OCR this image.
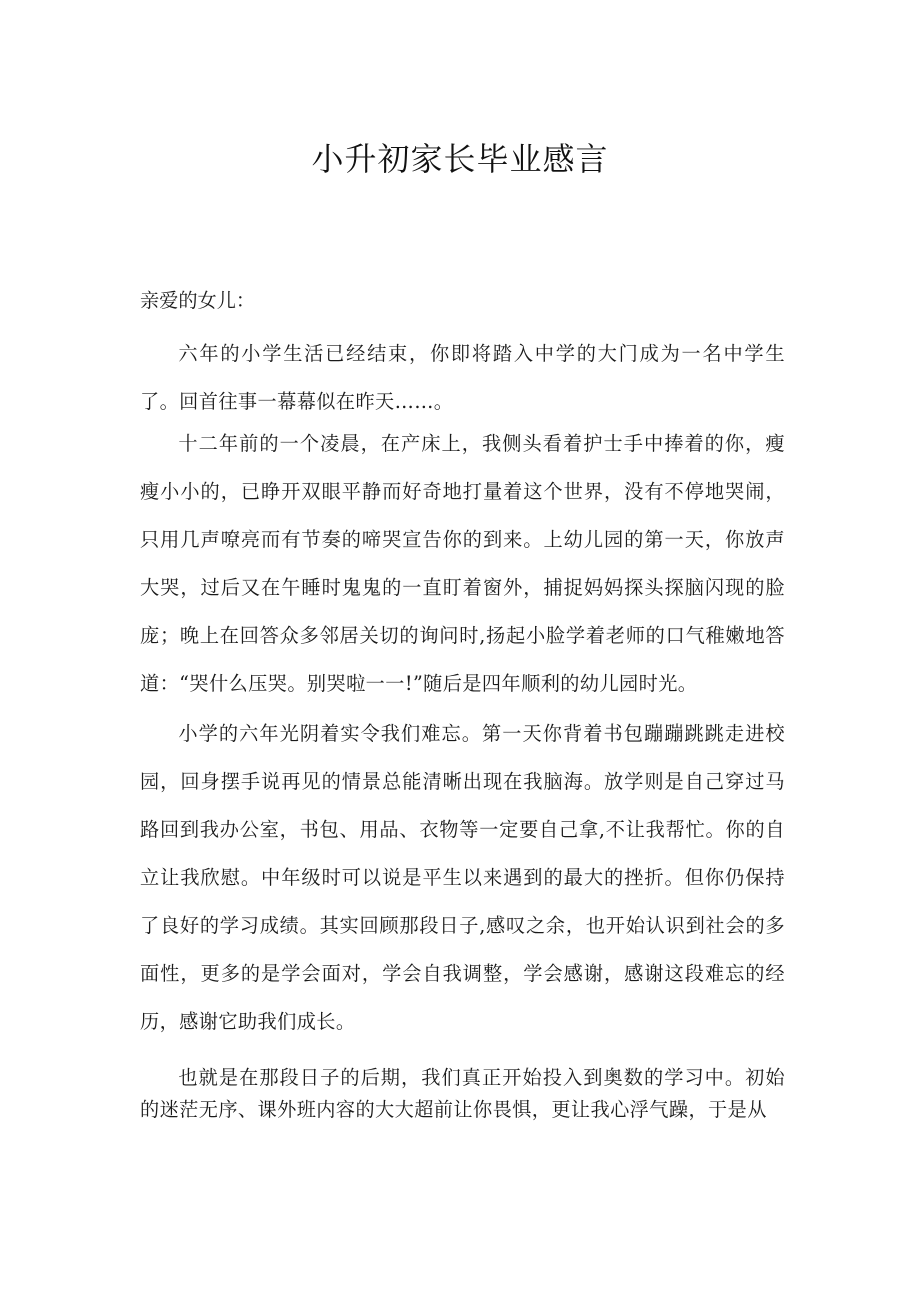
小升初家长毕业感言
亲爱的女儿：

六年的小学生活已经结束，你即将踏入中学的大门成为一名中学生了。回首往事一幕幕似在昨天……。

十二年前的一个凌晨，在产床上，我侧头看着护士手中捧着的你，瘦瘦小小的，已睁开双眼平静而好奇地打量着这个世界，没有不停地哭闹，只用几声嘹亮而有节奏的啼哭宣告你的到来。上幼儿园的第一天，你放声大哭，过后又在午睡时鬼鬼的一直盯着窗外，捕捉妈妈探头探脑闪现的脸庞；晚上在回答众多邻居关切的询问时,扬起小脸学着老师的口气稚嫩地答道：“哭什么压哭。别哭啦一一!”随后是四年顺利的幼儿园时光。

小学的六年光阴着实令我们难忘。第一天你背着书包蹦蹦跳跳走进校园，回身摆手说再见的情景总能清晰出现在我脑海。放学则是自己穿过马路回到我办公室，书包、用品、衣物等一定要自己拿,不让我帮忙。你的自立让我欣慰。中年级时可以说是平生以来遇到的最大的挫折。但你仍保持了良好的学习成绩。其实回顾那段日子,感叹之余，也开始认识到社会的多面性，更多的是学会面对，学会自我调整，学会感谢，感谢这段难忘的经历，感谢它助我们成长。

也就是在那段日子的后期，我们真正开始投入到奥数的学习中。初始的迷茫无序、课外班内容的大大超前让你畏惧，更让我心浮气躁，于是从
